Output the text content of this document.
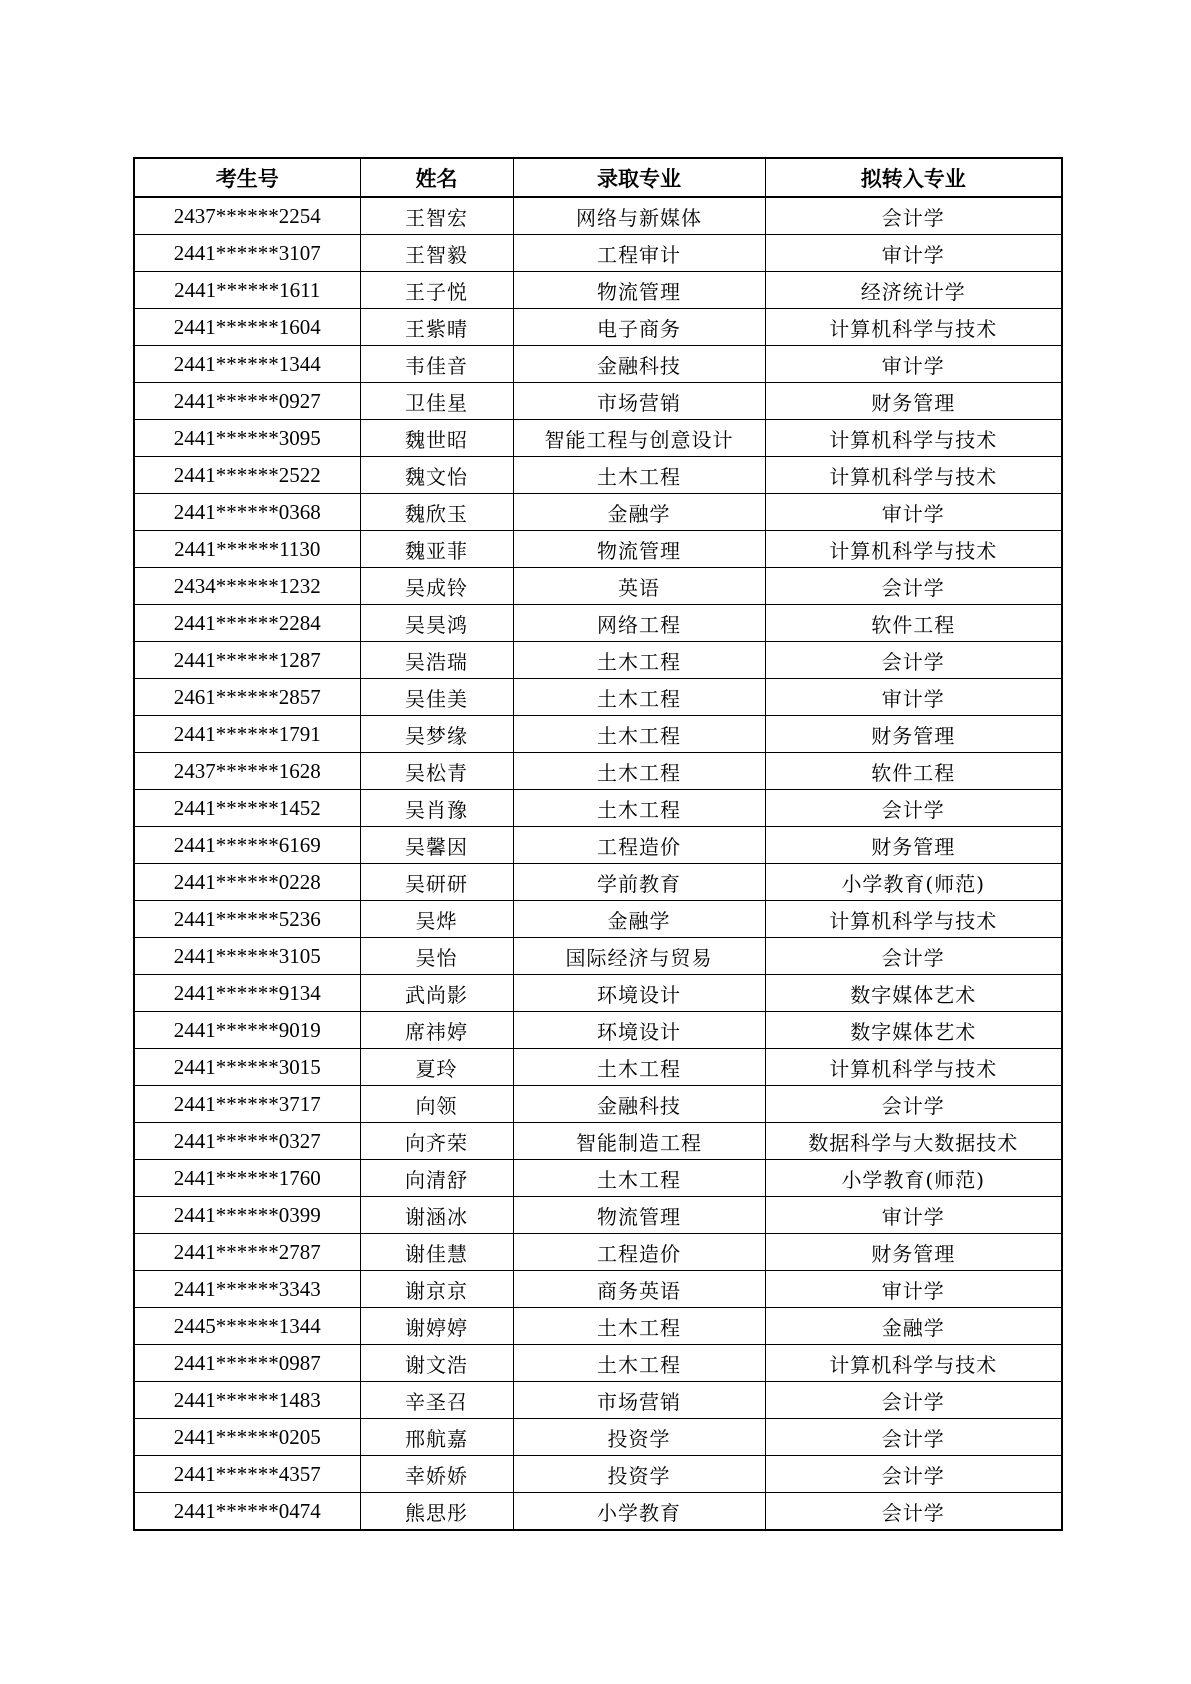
考生号	姓名	录取专业	拟转入专业
2437******2254	王智宏	网络与新媒体	会计学
2441******3107	王智毅	工程审计	审计学
2441******1611	王子悦	物流管理	经济统计学
2441******1604	王紫晴	电子商务	计算机科学与技术
2441******1344	韦佳音	金融科技	审计学
2441******0927	卫佳星	市场营销	财务管理
2441******3095	魏世昭	智能工程与创意设计	计算机科学与技术
2441******2522	魏文怡	土木工程	计算机科学与技术
2441******0368	魏欣玉	金融学	审计学
2441******1130	魏亚菲	物流管理	计算机科学与技术
2434******1232	吴成铃	英语	会计学
2441******2284	吴昊鸿	网络工程	软件工程
2441******1287	吴浩瑞	土木工程	会计学
2461******2857	吴佳美	土木工程	审计学
2441******1791	吴梦缘	土木工程	财务管理
2437******1628	吴松青	土木工程	软件工程
2441******1452	吴肖豫	土木工程	会计学
2441******6169	吴馨因	工程造价	财务管理
2441******0228	吴研研	学前教育	小学教育(师范)
2441******5236	吴烨	金融学	计算机科学与技术
2441******3105	吴怡	国际经济与贸易	会计学
2441******9134	武尚影	环境设计	数字媒体艺术
2441******9019	席祎婷	环境设计	数字媒体艺术
2441******3015	夏玲	土木工程	计算机科学与技术
2441******3717	向领	金融科技	会计学
2441******0327	向齐荣	智能制造工程	数据科学与大数据技术
2441******1760	向清舒	土木工程	小学教育(师范)
2441******0399	谢涵冰	物流管理	审计学
2441******2787	谢佳慧	工程造价	财务管理
2441******3343	谢京京	商务英语	审计学
2445******1344	谢婷婷	土木工程	金融学
2441******0987	谢文浩	土木工程	计算机科学与技术
2441******1483	辛圣召	市场营销	会计学
2441******0205	邢航嘉	投资学	会计学
2441******4357	幸娇娇	投资学	会计学
2441******0474	熊思彤	小学教育	会计学
